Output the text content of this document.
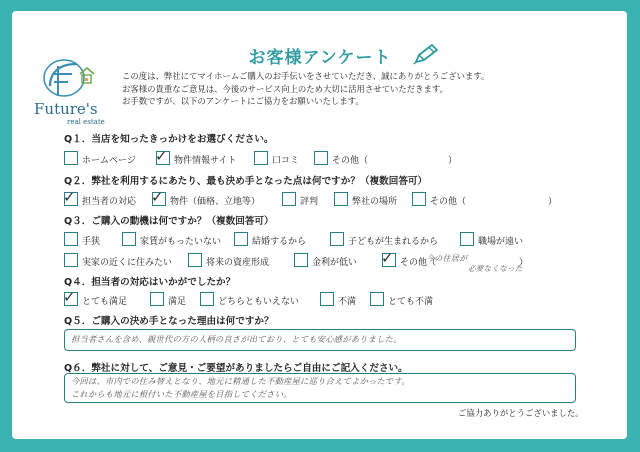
お客様アンケート
Future's
real estate
この度は、弊社にてマイホームご購入のお手伝いをさせていただき、誠にありがとうございます。
お客様の貴重なご意見は、今後のサービス向上のため大切に活用させていただきます。
お手数ですが、以下のアンケートにご協力をお願いいたします。
Q１．当店を知ったきっかけをお選びください。
ホームページ ✓ 物件情報サイト	口コミ	その他（	）
Q２．弊社を利用するにあたり、最も決め手となった点は何ですか？（複数回答可）
✓ 担当者の対応 ✓ 物件（価格、立地等）	評判	弊社の場所	その他（	）
Q３．ご購入の動機は何ですか？（複数回答可）
手狭	家賃がもったいない	結婚するから	子どもが生まれるから	職場が遠い
実家の近くに住みたい	将来の資産形成	金利が低い ✓ その他（	）
今の住居が
必要なくなった
Q４．担当者の対応はいかがでしたか？
✓ とても満足	満足	どちらともいえない	不満	とても不満
Q５．ご購入の決め手となった理由は何ですか？
担当者さんを含め、親世代の方の人柄の良さが出ており、とても安心感がありました。
Q６．弊社に対して、ご意見・ご要望がありましたらご自由にご記入ください。
今回は、市内での住み替えとなり、地元に精通した不動産屋に巡り合えてよかったです。
これからも地元に根付いた不動産屋を目指してください。
ご協力ありがとうございました。
